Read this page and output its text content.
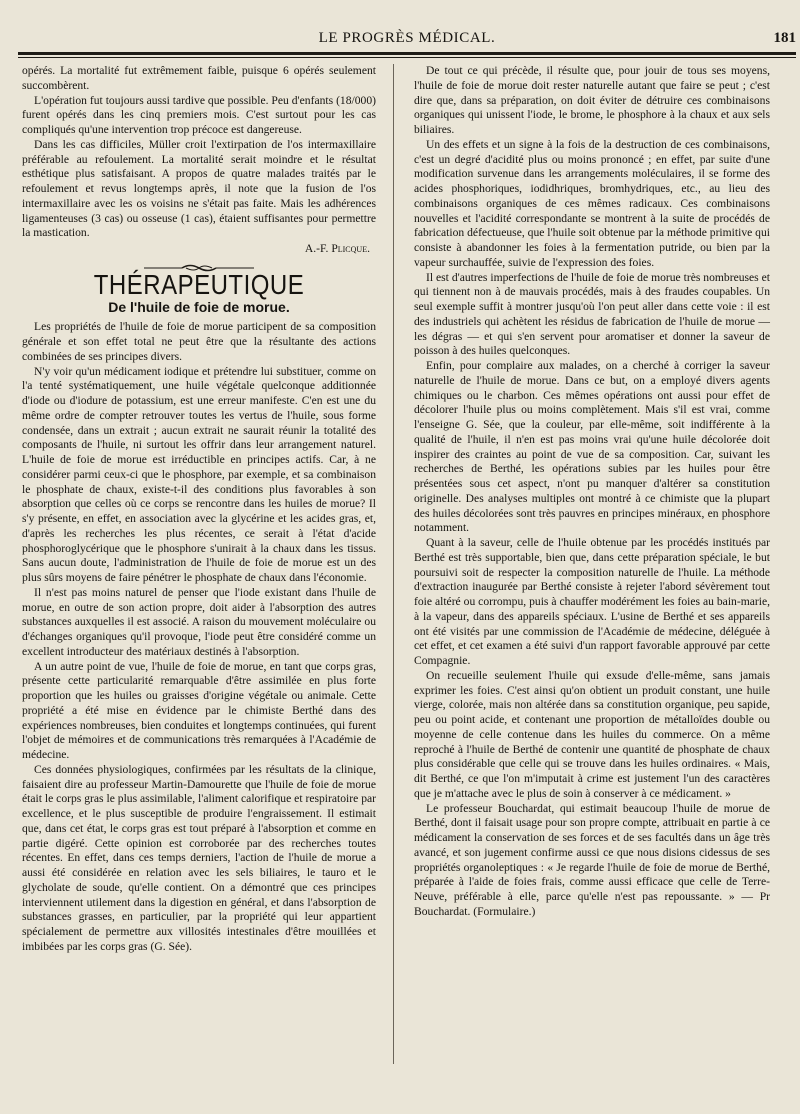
LE PROGRÈS MÉDICAL.	181

opérés. La mortalité fut extrêmement faible, puisque 6 opérés seulement succombèrent.

L'opération fut toujours aussi tardive que possible. Peu d'enfants (18/000) furent opérés dans les cinq premiers mois. C'est surtout pour les cas compliqués qu'une intervention trop précoce est dangereuse.

Dans les cas difficiles, Müller croit l'extirpation de l'os intermaxillaire préférable au refoulement. La mortalité serait moindre et le résultat esthétique plus satisfaisant. A propos de quatre malades traités par le refoulement et revus longtemps après, il note que la fusion de l'os intermaxillaire avec les os voisins ne s'était pas faite. Mais les adhérences ligamenteuses (3 cas) ou osseuse (1 cas), étaient suffisantes pour permettre la mastication.

A.-F. Plicque.
THÉRAPEUTIQUE
De l'huile de foie de morue.

Les propriétés de l'huile de foie de morue participent de sa composition générale et son effet total ne peut être que la résultante des actions combinées de ses principes divers.

N'y voir qu'un médicament iodique et prétendre lui substituer, comme on l'a tenté systématiquement, une huile végétale quelconque additionnée d'iode ou d'iodure de potassium, est une erreur manifeste. C'en est une du même ordre de compter retrouver toutes les vertus de l'huile, sous forme condensée, dans un extrait ; aucun extrait ne saurait réunir la totalité des composants de l'huile, ni surtout les offrir dans leur arrangement naturel. L'huile de foie de morue est irréductible en principes actifs. Car, à ne considérer parmi ceux-ci que le phosphore, par exemple, et sa combinaison le phosphate de chaux, existe-t-il des conditions plus favorables à son absorption que celles où ce corps se rencontre dans les huiles de morue? Il s'y présente, en effet, en association avec la glycérine et les acides gras, et, d'après les recherches les plus récentes, ce serait à l'état d'acide phosphoroglycérique que le phosphore s'unirait à la chaux dans les tissus. Sans aucun doute, l'administration de l'huile de foie de morue est un des plus sûrs moyens de faire pénétrer le phosphate de chaux dans l'économie.

Il n'est pas moins naturel de penser que l'iode existant dans l'huile de morue, en outre de son action propre, doit aider à l'absorption des autres substances auxquelles il est associé. A raison du mouvement moléculaire ou d'échanges organiques qu'il provoque, l'iode peut être considéré comme un excellent introducteur des matériaux destinés à l'absorption.

A un autre point de vue, l'huile de foie de morue, en tant que corps gras, présente cette particularité remarquable d'être assimilée en plus forte proportion que les huiles ou graisses d'origine végétale ou animale. Cette propriété a été mise en évidence par le chimiste Berthé dans des expériences nombreuses, bien conduites et longtemps continuées, qui furent l'objet de mémoires et de communications très remarquées à l'Académie de médecine.

Ces données physiologiques, confirmées par les résultats de la clinique, faisaient dire au professeur Martin-Damourette que l'huile de foie de morue était le corps gras le plus assimilable, l'aliment calorifique et respiratoire par excellence, et le plus susceptible de produire l'engraissement. Il estimait que, dans cet état, le corps gras est tout préparé à l'absorption et comme en partie digéré. Cette opinion est corroborée par des recherches toutes récentes. En effet, dans ces temps derniers, l'action de l'huile de morue a aussi été considérée en relation avec les sels biliaires, le tauro et le glycholate de soude, qu'elle contient. On a démontré que ces principes interviennent utilement dans la digestion en général, et dans l'absorption de substances grasses, en particulier, par la propriété qui leur appartient spécialement de permettre aux villosités intestinales d'être mouillées et imbibées par les corps gras (G. Sée).

De tout ce qui précède, il résulte que, pour jouir de tous ses moyens, l'huile de foie de morue doit rester naturelle autant que faire se peut ; c'est dire que, dans sa préparation, on doit éviter de détruire ces combinaisons organiques qui unissent l'iode, le brome, le phosphore à la chaux et aux sels biliaires.

Un des effets et un signe à la fois de la destruction de ces combinaisons, c'est un degré d'acidité plus ou moins prononcé ; en effet, par suite d'une modification survenue dans les arrangements moléculaires, il se forme des acides phosphoriques, iodidhriques, bromhydriques, etc., au lieu des combinaisons organiques de ces mêmes radicaux. Ces combinaisons nouvelles et l'acidité correspondante se montrent à la suite de procédés de fabrication défectueuse, que l'huile soit obtenue par la méthode primitive qui consiste à abandonner les foies à la fermentation putride, ou bien par la vapeur surchauffée, suivie de l'expression des foies.

Il est d'autres imperfections de l'huile de foie de morue très nombreuses et qui tiennent non à de mauvais procédés, mais à des fraudes coupables. Un seul exemple suffit à montrer jusqu'où l'on peut aller dans cette voie : il est des industriels qui achètent les résidus de fabrication de l'huile de morue — les dégras — et qui s'en servent pour aromatiser et donner la saveur de poisson à des huiles quelconques.

Enfin, pour complaire aux malades, on a cherché à corriger la saveur naturelle de l'huile de morue. Dans ce but, on a employé divers agents chimiques ou le charbon. Ces mêmes opérations ont aussi pour effet de décolorer l'huile plus ou moins complètement. Mais s'il est vrai, comme l'enseigne G. Sée, que la couleur, par elle-même, soit indifférente à la qualité de l'huile, il n'en est pas moins vrai qu'une huile décolorée doit inspirer des craintes au point de vue de sa composition. Car, suivant les recherches de Berthé, les opérations subies par les huiles pour être présentées sous cet aspect, n'ont pu manquer d'altérer sa constitution originelle. Des analyses multiples ont montré à ce chimiste que la plupart des huiles décolorées sont très pauvres en principes minéraux, en phosphore notamment.

Quant à la saveur, celle de l'huile obtenue par les procédés institués par Berthé est très supportable, bien que, dans cette préparation spéciale, le but poursuivi soit de respecter la composition naturelle de l'huile. La méthode d'extraction inaugurée par Berthé consiste à rejeter l'abord sévèrement tout foie altéré ou corrompu, puis à chauffer modérément les foies au bain-marie, à la vapeur, dans des appareils spéciaux. L'usine de Berthé et ses appareils ont été visités par une commission de l'Académie de médecine, déléguée à cet effet, et cet examen a été suivi d'un rapport favorable approuvé par cette Compagnie.

On recueille seulement l'huile qui exsude d'elle-même, sans jamais exprimer les foies. C'est ainsi qu'on obtient un produit constant, une huile vierge, colorée, mais non altérée dans sa constitution organique, peu sapide, peu ou point acide, et contenant une proportion de métalloïdes double ou moyenne de celle contenue dans les huiles du commerce. On a même reproché à l'huile de Berthé de contenir une quantité de phosphate de chaux plus considérable que celle qui se trouve dans les huiles ordinaires. « Mais, dit Berthé, ce que l'on m'imputait à crime est justement l'un des caractères que je m'attache avec le plus de soin à conserver à ce médicament. »

Le professeur Bouchardat, qui estimait beaucoup l'huile de morue de Berthé, dont il faisait usage pour son propre compte, attribuait en partie à ce médicament la conservation de ses forces et de ses facultés dans un âge très avancé, et son jugement confirme aussi ce que nous disions cidessus de ses propriétés organoleptiques : « Je regarde l'huile de foie de morue de Berthé, préparée à l'aide de foies frais, comme aussi efficace que celle de Terre-Neuve, préférable à elle, parce qu'elle n'est pas repoussante. » — Pr Bouchardat. (Formulaire.)
